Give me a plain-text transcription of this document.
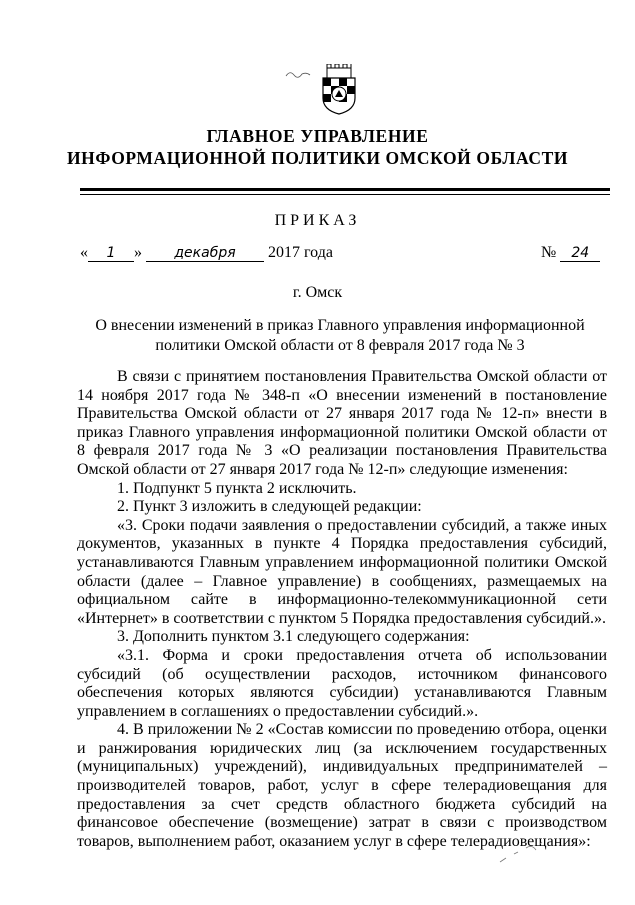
ГЛАВНОЕ УПРАВЛЕНИЕ
ИНФОРМАЦИОННОЙ ПОЛИТИКИ ОМСКОЙ ОБЛАСТИ
ПРИКАЗ
« 1 » декабря 2017 года	№ 24
г. Омск
О внесении изменений в приказ Главного управления информационной политики Омской области от 8 февраля 2017 года № 3

В связи с принятием постановления Правительства Омской области от 14 ноября 2017 года № 348-п «О внесении изменений в постановление Правительства Омской области от 27 января 2017 года № 12-п» внести в приказ Главного управления информационной политики Омской области от 8 февраля 2017 года № 3 «О реализации постановления Правительства Омской области от 27 января 2017 года № 12-п» следующие изменения:

1. Подпункт 5 пункта 2 исключить.

2. Пункт 3 изложить в следующей редакции:

«3. Сроки подачи заявления о предоставлении субсидий, а также иных документов, указанных в пункте 4 Порядка предоставления субсидий, устанавливаются Главным управлением информационной политики Омской области (далее – Главное управление) в сообщениях, размещаемых на официальном сайте в информационно-телекоммуникационной сети «Интернет» в соответствии с пунктом 5 Порядка предоставления субсидий.».

3. Дополнить пунктом 3.1 следующего содержания:

«3.1. Форма и сроки предоставления отчета об использовании субсидий (об осуществлении расходов, источником финансового обеспечения которых являются субсидии) устанавливаются Главным управлением в соглашениях о предоставлении субсидий.».

4. В приложении № 2 «Состав комиссии по проведению отбора, оценки и ранжирования юридических лиц (за исключением государственных (муниципальных) учреждений), индивидуальных предпринимателей – производителей товаров, работ, услуг в сфере телерадиовещания для предоставления за счет средств областного бюджета субсидий на финансовое обеспечение (возмещение) затрат в связи с производством товаров, выполнением работ, оказанием услуг в сфере телерадиовещания»:
